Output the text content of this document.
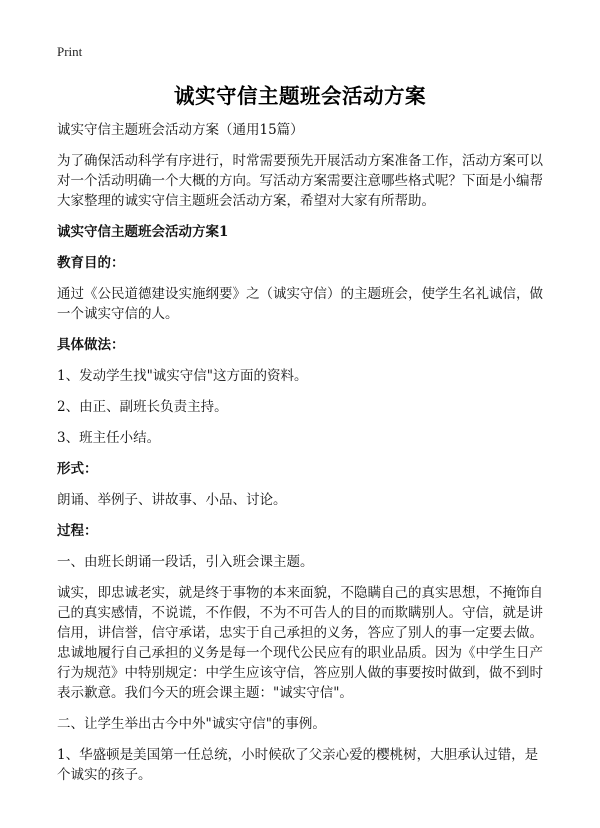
Print
诚实守信主题班会活动方案

诚实守信主题班会活动方案（通用15篇）

为了确保活动科学有序进行，时常需要预先开展活动方案准备工作，活动方案可以对一个活动明确一个大概的方向。写活动方案需要注意哪些格式呢？下面是小编帮大家整理的诚实守信主题班会活动方案，希望对大家有所帮助。

诚实守信主题班会活动方案1

教育目的：

通过《公民道德建设实施纲要》之（诚实守信）的主题班会，使学生名礼诚信，做一个诚实守信的人。

具体做法：

1、发动学生找"诚实守信"这方面的资料。

2、由正、副班长负责主持。

3、班主任小结。

形式：

朗诵、举例子、讲故事、小品、讨论。

过程：

一、由班长朗诵一段话，引入班会课主题。

诚实，即忠诚老实，就是终于事物的本来面貌，不隐瞒自己的真实思想，不掩饰自己的真实感情，不说谎，不作假，不为不可告人的目的而欺瞒别人。守信，就是讲信用，讲信誉，信守承诺，忠实于自己承担的义务，答应了别人的事一定要去做。忠诚地履行自己承担的义务是每一个现代公民应有的职业品质。因为《中学生日产行为规范》中特别规定：中学生应该守信，答应别人做的事要按时做到，做不到时表示歉意。我们今天的班会课主题："诚实守信"。

二、让学生举出古今中外"诚实守信"的事例。

1、华盛顿是美国第一任总统，小时候砍了父亲心爱的樱桃树，大胆承认过错，是个诚实的孩子。
